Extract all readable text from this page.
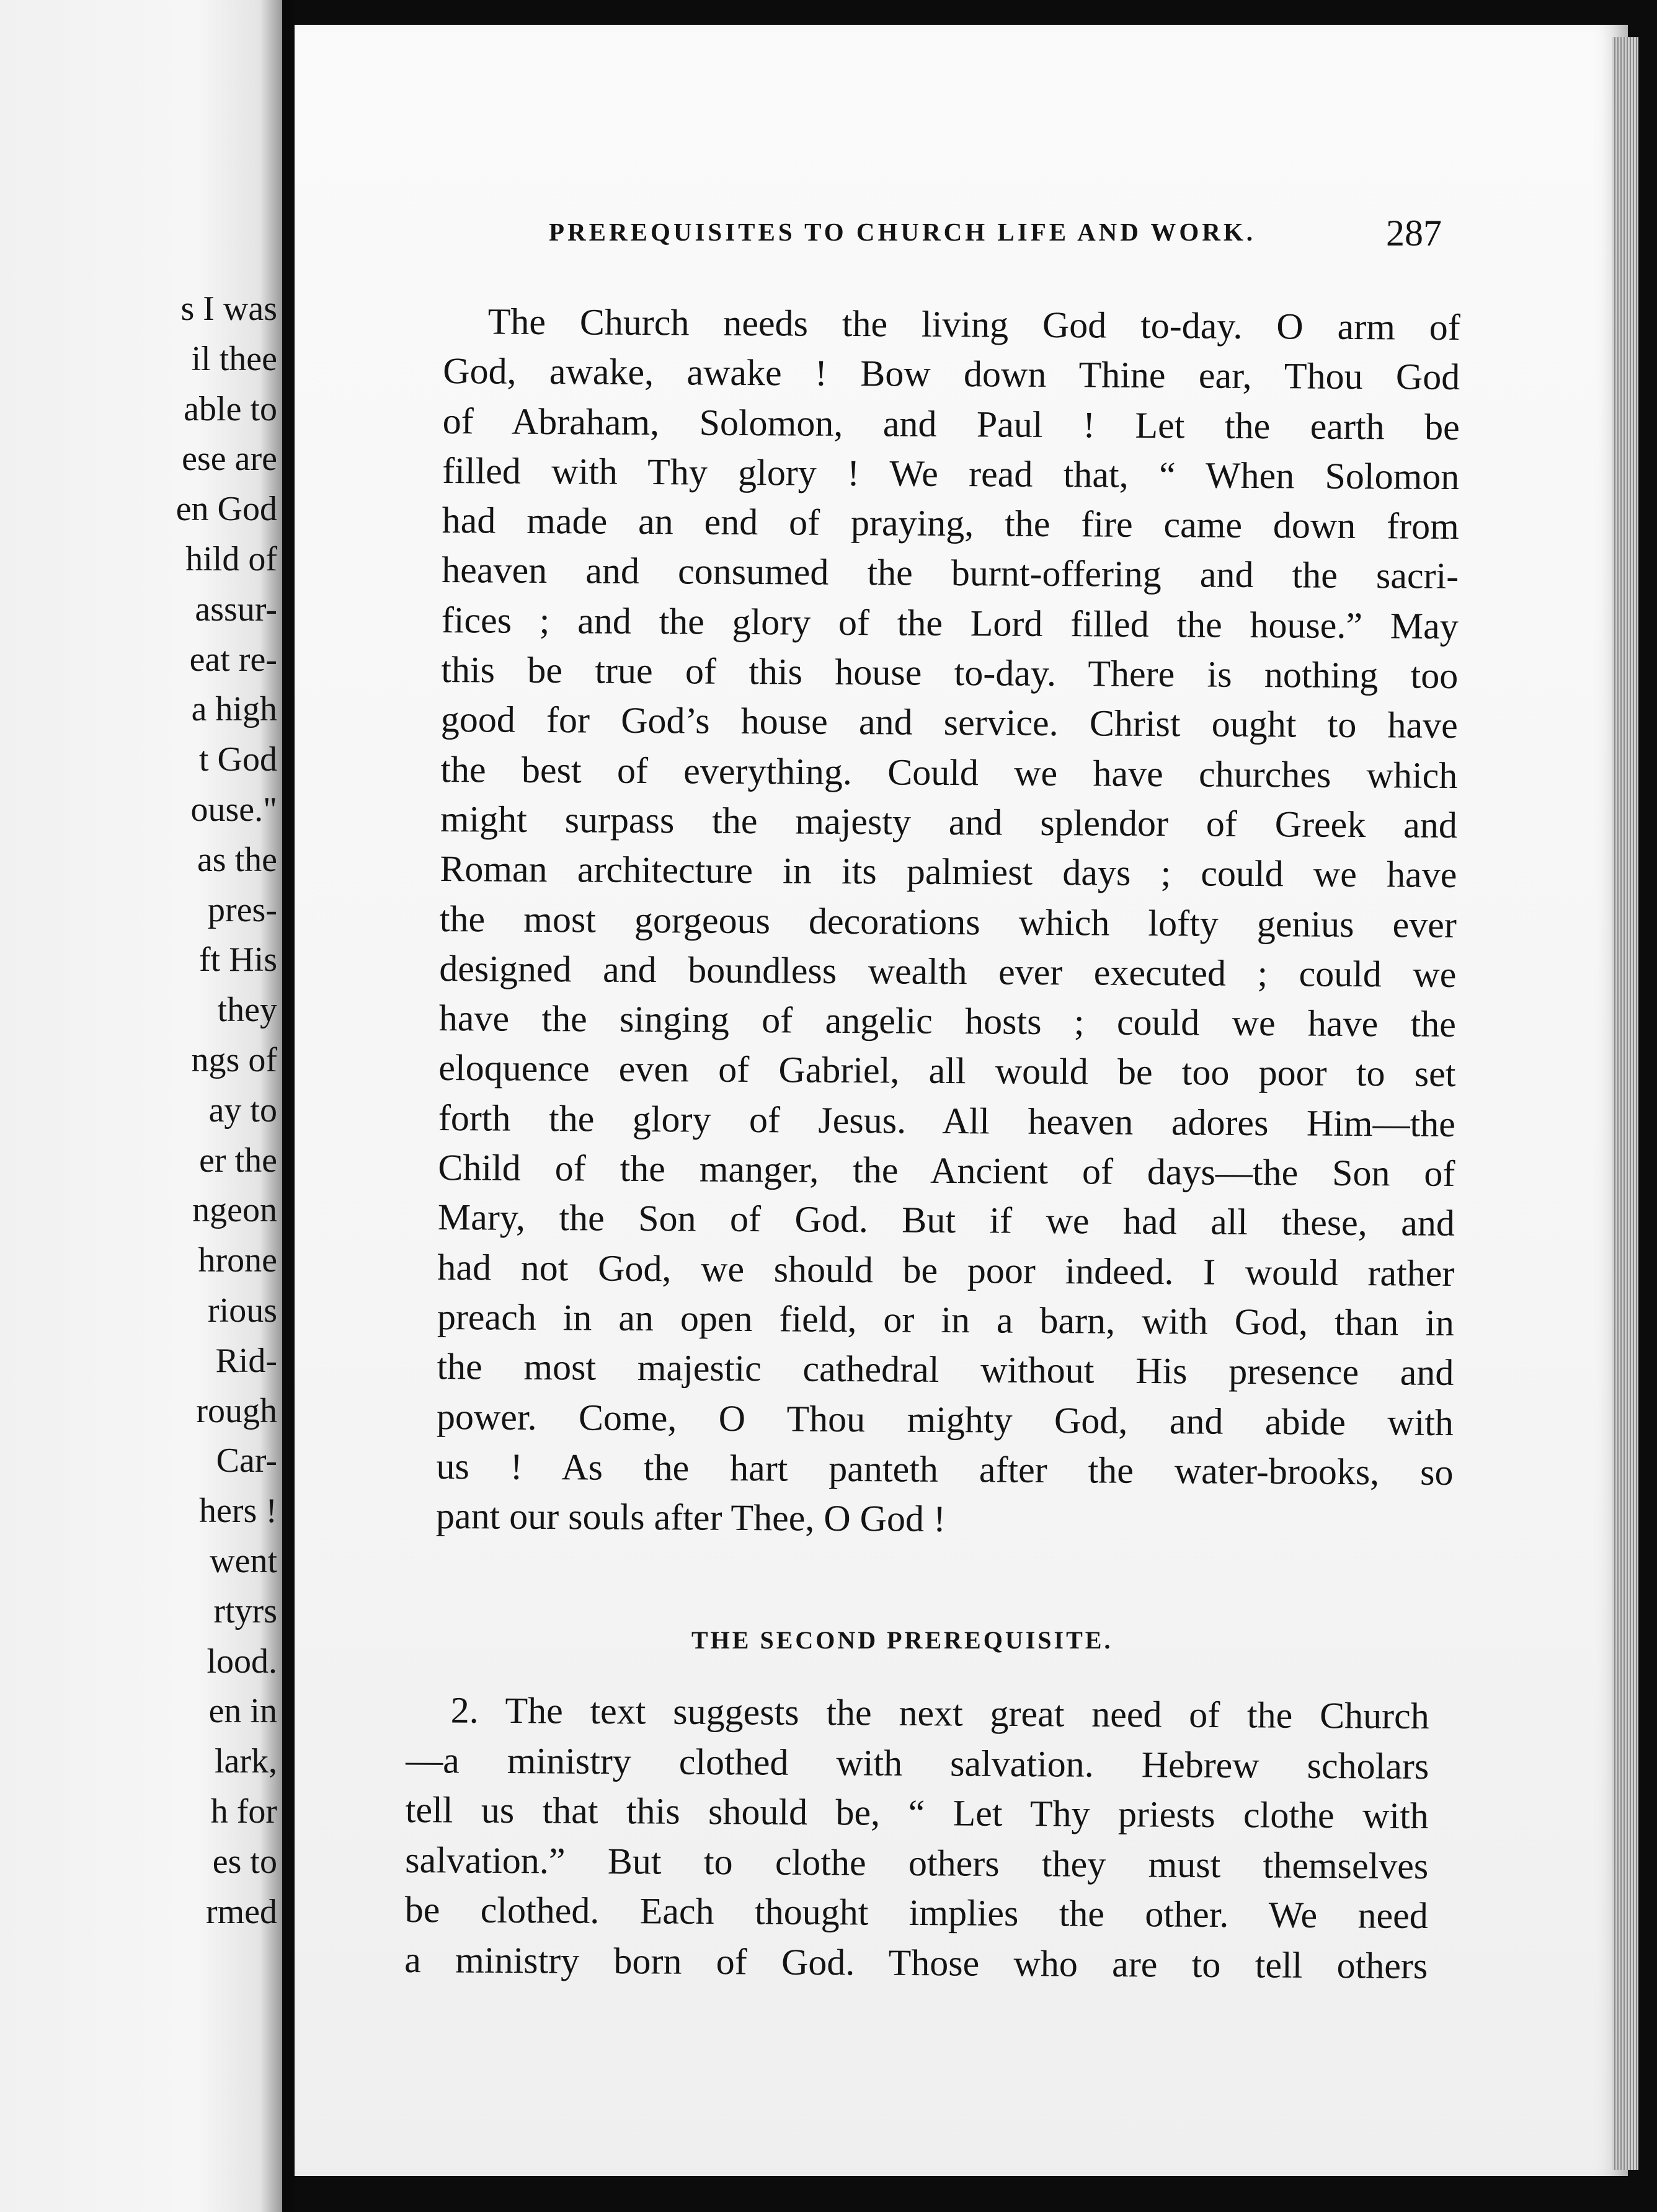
s I was
il thee
able to
ese are
en God
hild of
assur-
eat re-
a high
t God
ouse."
as the
pres-
ft His
they
ngs of
ay to
er the
ngeon
hrone
rious
Rid-
rough
Car-
hers !
went
rtyrs
lood.
en in
lark,
h for
es to
rmed
PREREQUISITES TO CHURCH LIFE AND WORK.	287
The Church needs the living God to-day. O arm of
God, awake, awake ! Bow down Thine ear, Thou God
of Abraham, Solomon, and Paul ! Let the earth be
filled with Thy glory ! We read that, “ When Solomon
had made an end of praying, the fire came down from
heaven and consumed the burnt-offering and the sacri-
fices ; and the glory of the Lord filled the house.” May
this be true of this house to-day. There is nothing too
good for God’s house and service. Christ ought to have
the best of everything. Could we have churches which
might surpass the majesty and splendor of Greek and
Roman architecture in its palmiest days ; could we have
the most gorgeous decorations which lofty genius ever
designed and boundless wealth ever executed ; could we
have the singing of angelic hosts ; could we have the
eloquence even of Gabriel, all would be too poor to set
forth the glory of Jesus. All heaven adores Him—the
Child of the manger, the Ancient of days—the Son of
Mary, the Son of God. But if we had all these, and
had not God, we should be poor indeed. I would rather
preach in an open field, or in a barn, with God, than in
the most majestic cathedral without His presence and
power. Come, O Thou mighty God, and abide with
us ! As the hart panteth after the water-brooks, so
pant our souls after Thee, O God !
THE SECOND PREREQUISITE.
2. The text suggests the next great need of the Church
—a ministry clothed with salvation. Hebrew scholars
tell us that this should be, “ Let Thy priests clothe with
salvation.” But to clothe others they must themselves
be clothed. Each thought implies the other. We need
a ministry born of God. Those who are to tell others
